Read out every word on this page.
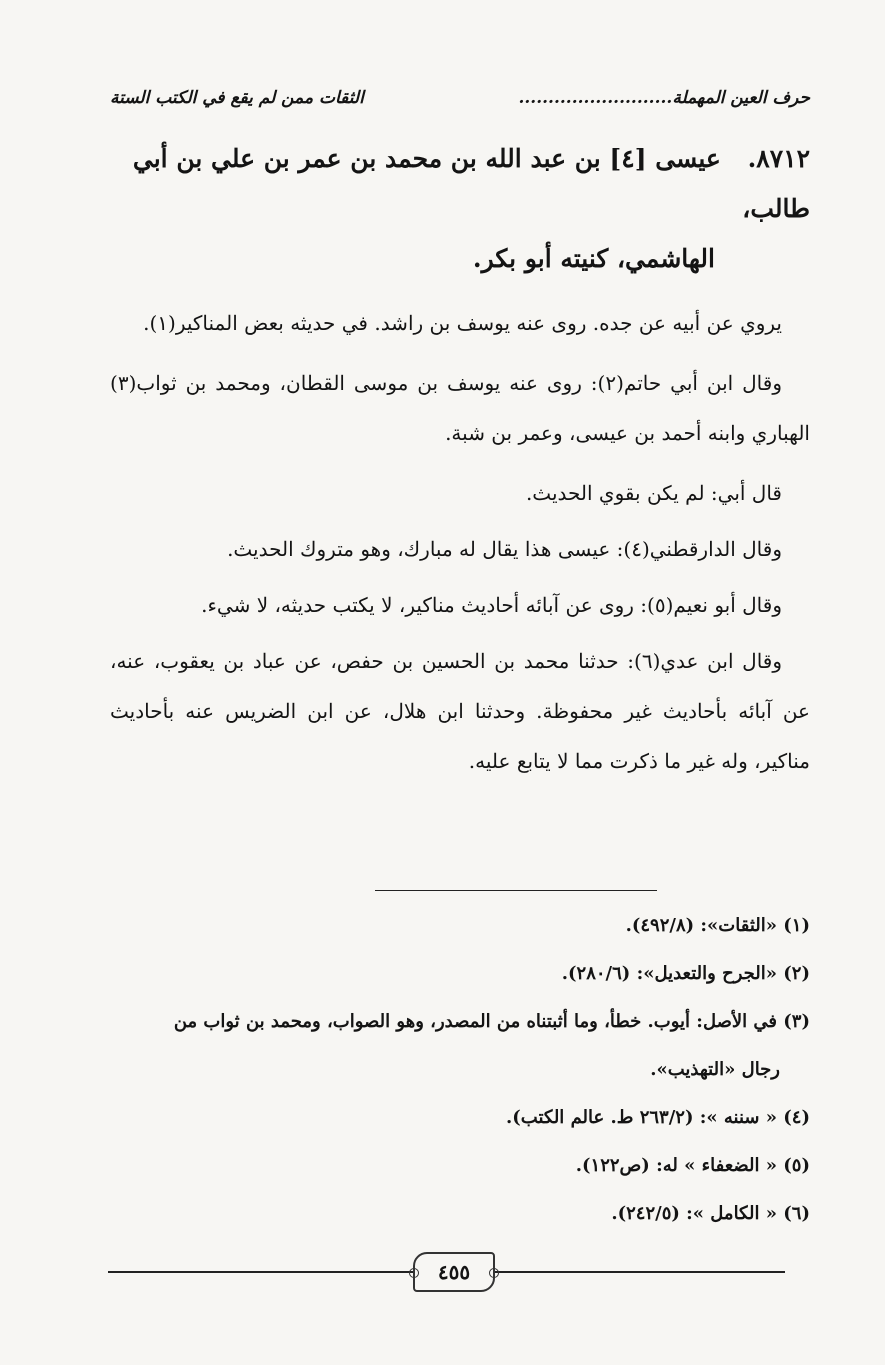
حرف العين المهملة..........................
الثقات ممن لم يقع في الكتب الستة
٨٧١٢. عيسى [٤] بن عبد الله بن محمد بن عمر بن علي بن أبي طالب،
الهاشمي، كنيته أبو بكر.

يروي عن أبيه عن جده. روى عنه يوسف بن راشد. في حديثه بعض المناكير(١).

وقال ابن أبي حاتم(٢): روى عنه يوسف بن موسى القطان، ومحمد بن ثواب(٣) الهباري وابنه أحمد بن عيسى، وعمر بن شبة.

قال أبي: لم يكن بقوي الحديث.

وقال الدارقطني(٤): عيسى هذا يقال له مبارك، وهو متروك الحديث.

وقال أبو نعيم(٥): روى عن آبائه أحاديث مناكير، لا يكتب حديثه، لا شيء.

وقال ابن عدي(٦): حدثنا محمد بن الحسين بن حفص، عن عباد بن يعقوب، عنه، عن آبائه بأحاديث غير محفوظة. وحدثنا ابن هلال، عن ابن الضريس عنه بأحاديث مناكير، وله غير ما ذكرت مما لا يتابع عليه.

(١) «الثقات»: (٤٩٢/٨).

(٢) «الجرح والتعديل»: (٢٨٠/٦).

(٣) في الأصل: أيوب. خطأ، وما أثبتناه من المصدر، وهو الصواب، ومحمد بن ثواب من

رجال «التهذيب».

(٤) « سننه »: (٢٦٣/٢ ط. عالم الكتب).

(٥) « الضعفاء » له: (ص١٢٢).

(٦) « الكامل »: (٢٤٢/٥).

٤٥٥
